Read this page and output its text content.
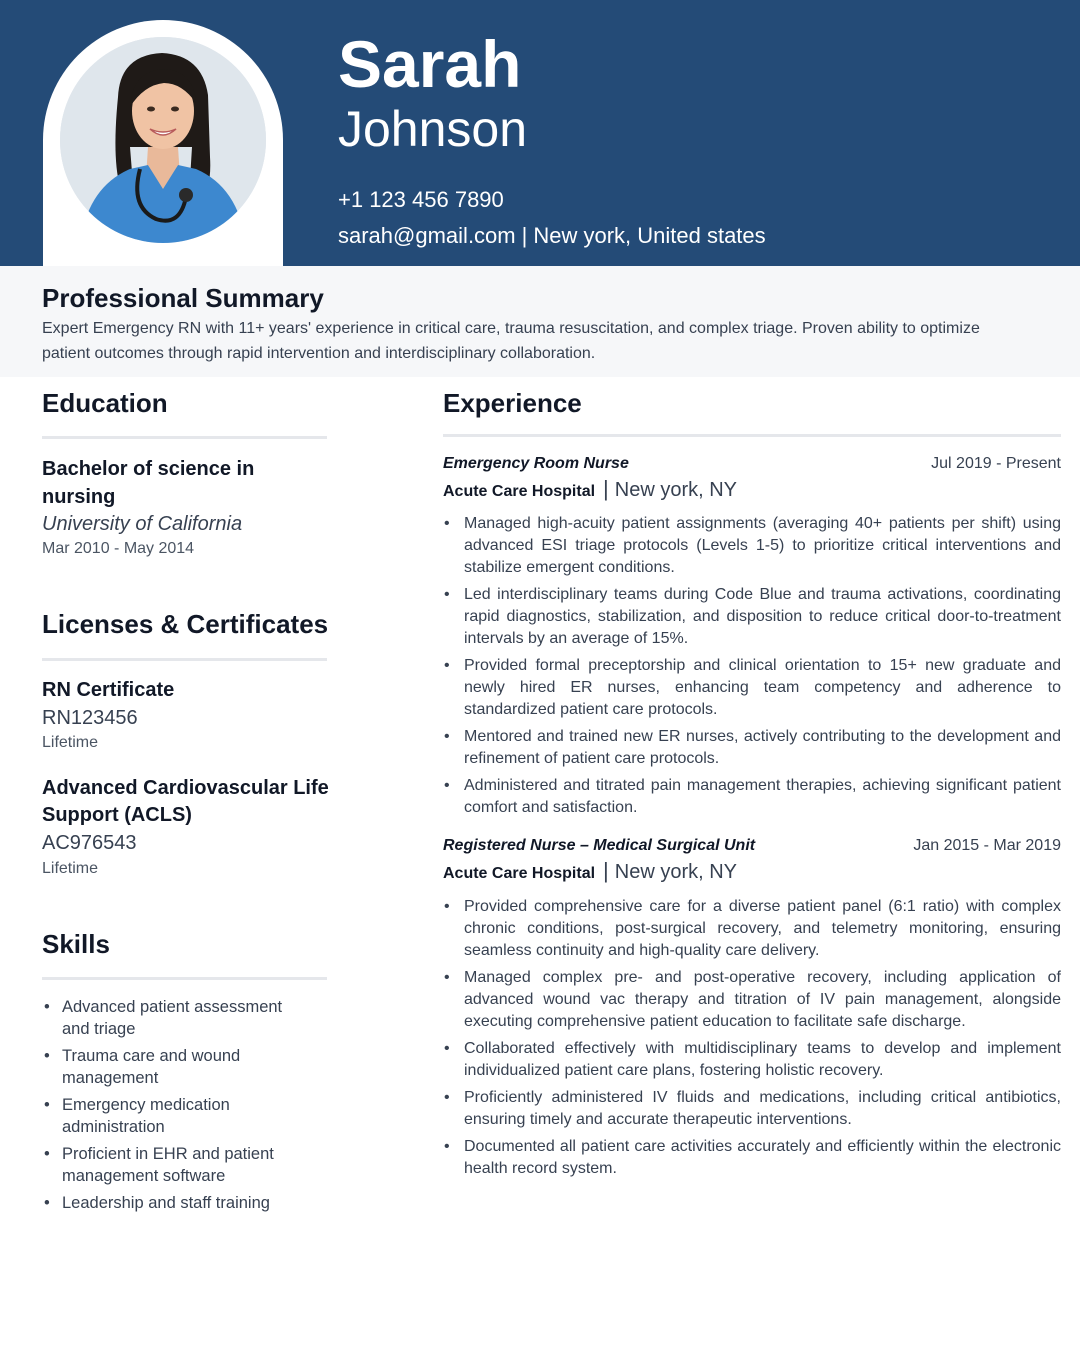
Sarah
Johnson
+1 123 456 7890
sarah@gmail.com | New york, United states
Professional Summary

Expert Emergency RN with 11+ years' experience in critical care, trauma resuscitation, and complex triage. Proven ability to optimize patient outcomes through rapid intervention and interdisciplinary collaboration.

Education
Bachelor of science in nursing
University of California
Mar 2010 - May 2014
Licenses & Certificates
RN Certificate
RN123456
Lifetime
Advanced Cardiovascular Life Support (ACLS)
AC976543
Lifetime
Skills
• Advanced patient assessment and triage
• Trauma care and wound management
• Emergency medication administration
• Proficient in EHR and patient management software
• Leadership and staff training
Experience
Emergency Room Nurse	Jul 2019 - Present
Acute Care Hospital | New york, NY
• Managed high-acuity patient assignments (averaging 40+ patients per shift) using advanced ESI triage protocols (Levels 1-5) to prioritize critical interventions and stabilize emergent conditions.
• Led interdisciplinary teams during Code Blue and trauma activations, coordinating rapid diagnostics, stabilization, and disposition to reduce critical door-to-treatment intervals by an average of 15%.
• Provided formal preceptorship and clinical orientation to 15+ new graduate and newly hired ER nurses, enhancing team competency and adherence to standardized patient care protocols.
• Mentored and trained new ER nurses, actively contributing to the development and refinement of patient care protocols.
• Administered and titrated pain management therapies, achieving significant patient comfort and satisfaction.
Registered Nurse – Medical Surgical Unit	Jan 2015 - Mar 2019
Acute Care Hospital | New york, NY
• Provided comprehensive care for a diverse patient panel (6:1 ratio) with complex chronic conditions, post-surgical recovery, and telemetry monitoring, ensuring seamless continuity and high-quality care delivery.
• Managed complex pre- and post-operative recovery, including application of advanced wound vac therapy and titration of IV pain management, alongside executing comprehensive patient education to facilitate safe discharge.
• Collaborated effectively with multidisciplinary teams to develop and implement individualized patient care plans, fostering holistic recovery.
• Proficiently administered IV fluids and medications, including critical antibiotics, ensuring timely and accurate therapeutic interventions.
• Documented all patient care activities accurately and efficiently within the electronic health record system.
